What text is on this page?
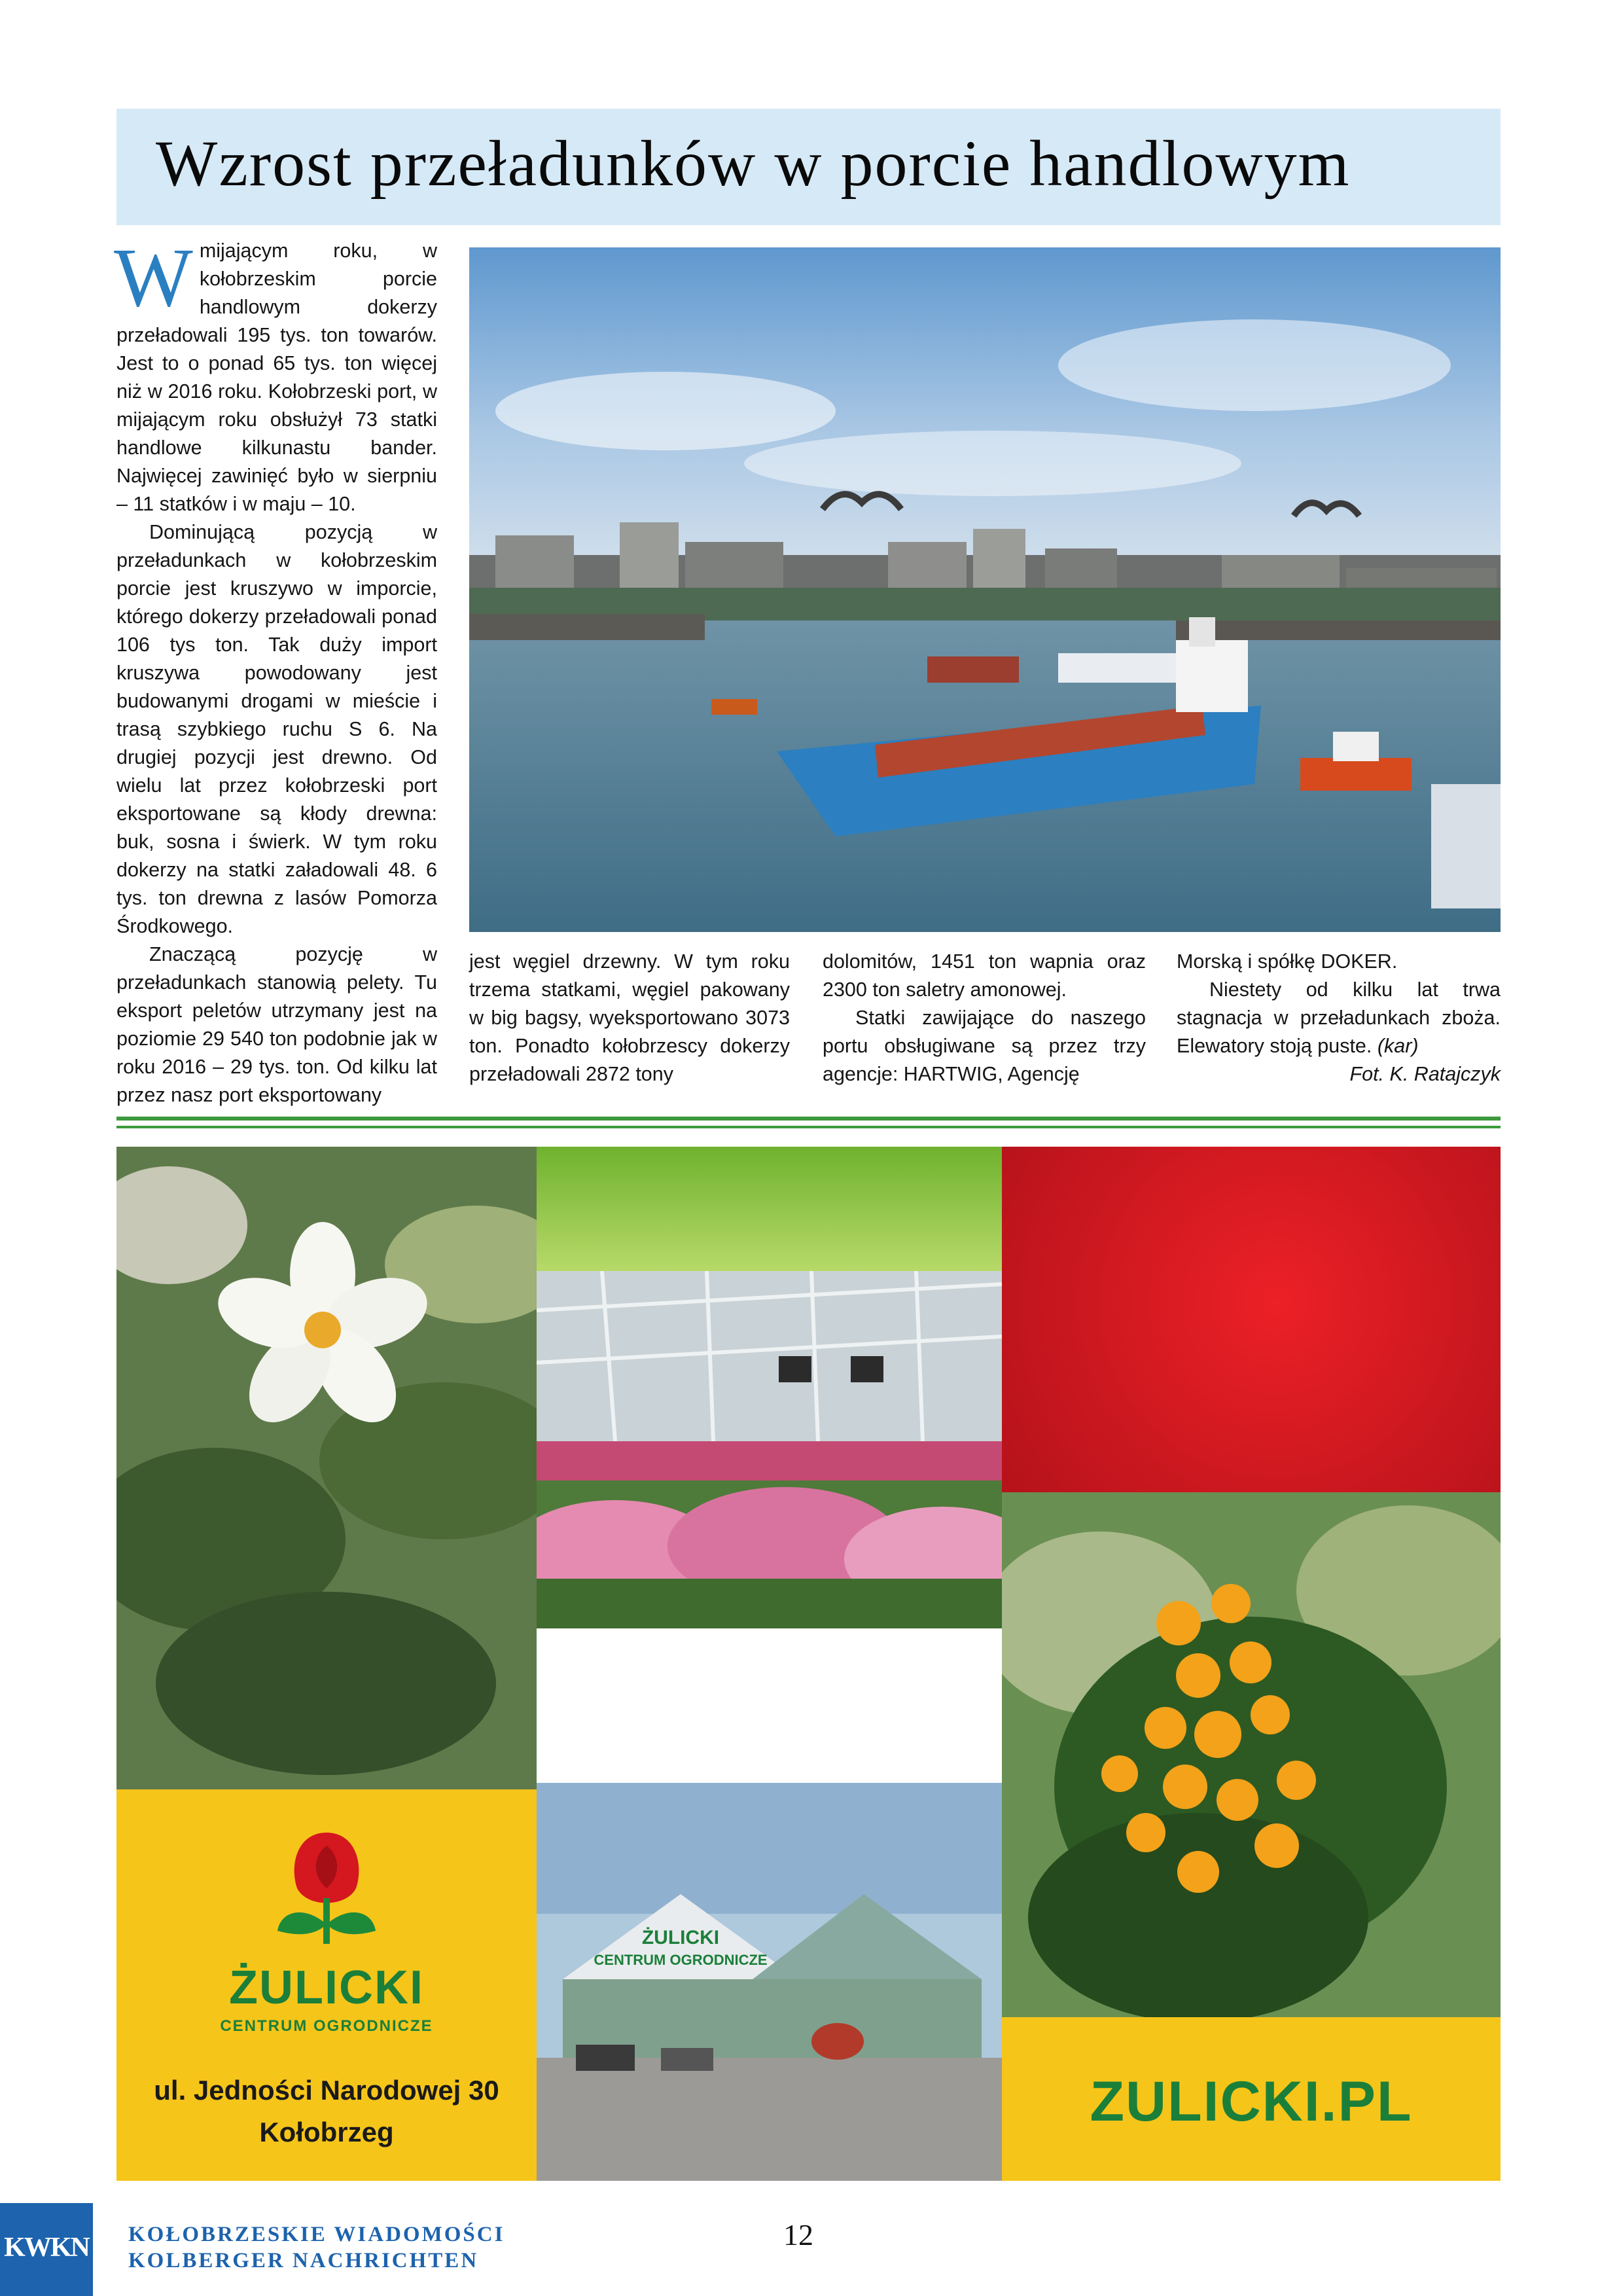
Wzrost przeładunków w porcie handlowym

W mijającym roku, w kołobrzeskim porcie handlowym dokerzy przeładowali 195 tys. ton towarów. Jest to o ponad 65 tys. ton więcej niż w 2016 roku. Kołobrzeski port, w mijającym roku obsłużył 73 statki handlowe kilkunastu bander. Najwięcej zawinięć było w sierpniu – 11 statków i w maju – 10.

Dominującą pozycją w przeładunkach w kołobrzeskim porcie jest kruszywo w imporcie, którego dokerzy przeładowali ponad 106 tys ton. Tak duży import kruszywa powodowany jest budowanymi drogami w mieście i trasą szybkiego ruchu S 6. Na drugiej pozycji jest drewno. Od wielu lat przez kołobrzeski port eksportowane są kłody drewna: buk, sosna i świerk. W tym roku dokerzy na statki załadowali 48. 6 tys. ton drewna z lasów Pomorza Środkowego.

Znaczącą pozycję w przeładunkach stanowią pelety. Tu eksport peletów utrzymany jest na poziomie 29 540 ton podobnie jak w roku 2016 – 29 tys. ton. Od kilku lat przez nasz port eksportowany

jest węgiel drzewny. W tym roku trzema statkami, węgiel pakowany w big bagsy, wyeksportowano 3073 ton. Ponadto kołobrzescy dokerzy przeładowali 2872 tony

dolomitów, 1451 ton wapnia oraz 2300 ton saletry amonowej.

Statki zawijające do naszego portu obsługiwane są przez trzy agencje: HARTWIG, Agencję

Morską i spółkę DOKER.

Niestety od kilku lat trwa stagnacja w przeładunkach zboża. Elewatory stoją puste. (kar)

Fot. K. Ratajczyk

ŻULICKI
CENTRUM OGRODNICZE
ul. Jedności Narodowej 30
Kołobrzeg
ŻULICKI
CENTRUM OGRODNICZE
ZULICKI.PL
KWKN KOŁOBRZESKIE WIADOMOŚCI
KOLBERGER NACHRICHTEN
12
